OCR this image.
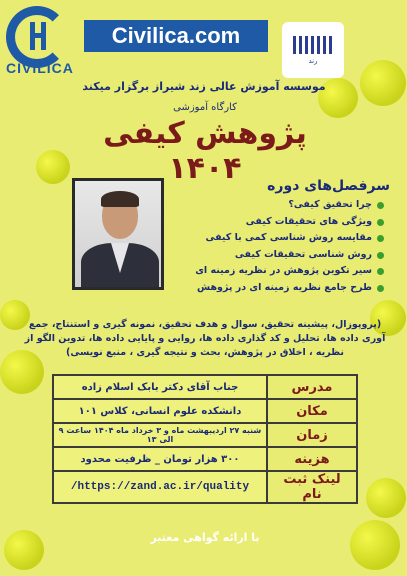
CIVILICA
Civilica.com
رند
موسسه آموزش عالی زند شیراز برگزار میکند
کارگاه آموزشی
پژوهش کیفی ۱۴۰۴	سرفصل‌های دوره
چرا تحقیق کیفی؟
ویژگی های تحقیقات کیفی
مقایسه روش شناسی کمی با کیفی
روش شناسی تحقیقات کیفی
سیر تکوین پژوهش در نظریه زمینه ای
طرح جامع نظریه زمینه ای در پژوهش
(پروپوزال، پیشینه تحقیق، سوال و هدف تحقیق، نمونه گیری و استنتاج، جمع آوری داده ها، تحلیل و کد گذاری داده ها، روایی و پایایی داده ها، تدوین الگو از نظریه ، اخلاق در پژوهش، بحث و نتیجه گیری ، منبع نویسی)
مدرس	جناب آقای دکتر بابک اسلام زاده
مکان	دانشکده علوم انسانی، کلاس ۱۰۱
زمان	شنبه ۲۷ اردیبهشت ماه و ۳ خرداد ماه ۱۴۰۴ ساعت ۹ الی ۱۳
هزینه	۳۰۰ هزار تومان _ ظرفیت محدود
لینک ثبت نام	https://zand.ac.ir/quality/
با ارائه گواهی معتبر
